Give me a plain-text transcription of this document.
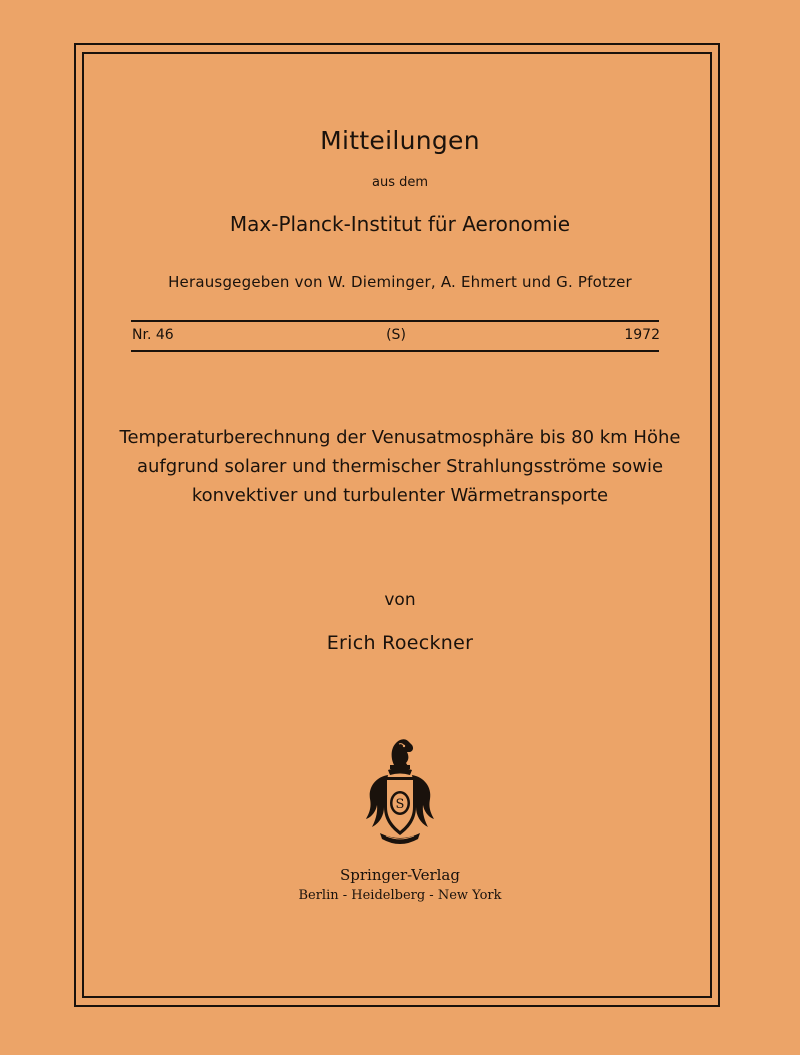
Mitteilungen
aus dem
Max-Planck-Institut für Aeronomie
Herausgegeben von W. Dieminger, A. Ehmert und G. Pfotzer
Nr. 46	(S)	1972
Temperaturberechnung der Venusatmosphäre bis 80 km Höhe
aufgrund solarer und thermischer Strahlungsströme sowie
konvektiver und turbulenter Wärmetransporte
von
Erich Roeckner
S
Springer-Verlag
Berlin - Heidelberg - New York
